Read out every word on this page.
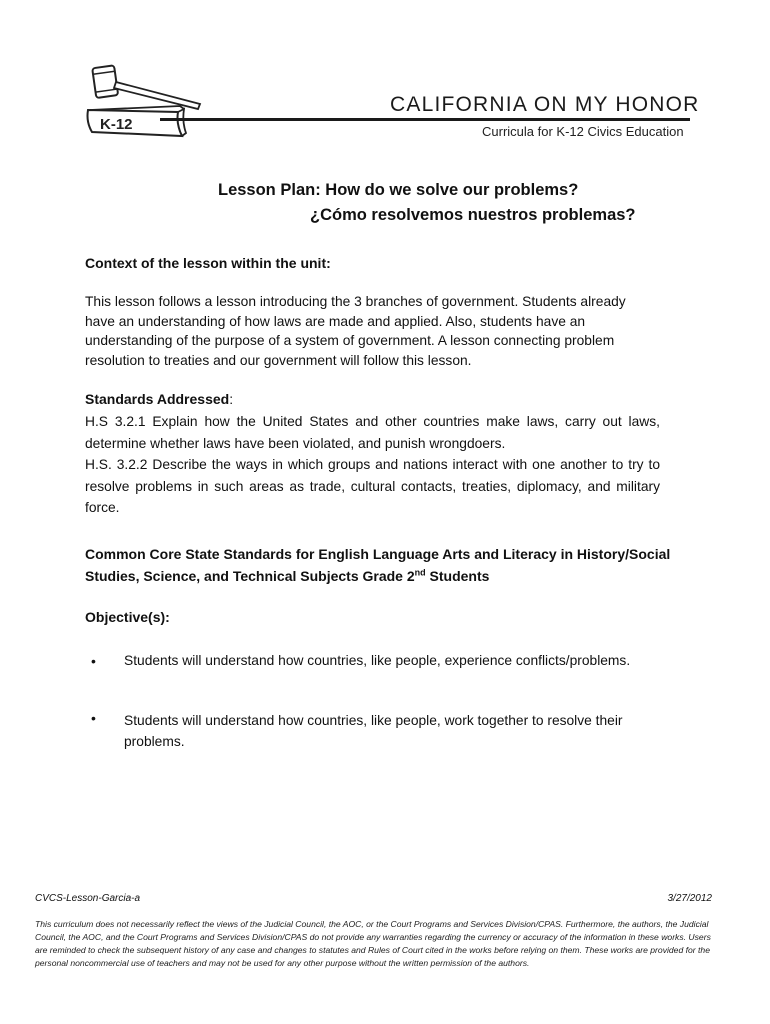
K-12
CALIFORNIA ON MY HONOR
Curricula for K-12 Civics Education
Lesson Plan: How do we solve our problems?
¿Cómo resolvemos nuestros problemas?
Context of the lesson within the unit:
This lesson follows a lesson introducing the 3 branches of government. Students already have an understanding of how laws are made and applied. Also, students have an understanding of the purpose of a system of government. A lesson connecting problem resolution to treaties and our government will follow this lesson.
Standards Addressed:
H.S 3.2.1 Explain how the United States and other countries make laws, carry out laws,
determine whether laws have been violated, and punish wrongdoers.
H.S. 3.2.2 Describe the ways in which groups and nations interact with one another to try to
resolve problems in such areas as trade, cultural contacts, treaties, diplomacy, and military
force.
Common Core State Standards for English Language Arts and Literacy in History/Social Studies, Science, and Technical Subjects Grade 2nd Students
Objective(s):
• Students will understand how countries, like people, experience conflicts/problems.
• Students will understand how countries, like people, work together to resolve their problems.
CVCS-Lesson-Garcia-a	3/27/2012
This curriculum does not necessarily reflect the views of the Judicial Council, the AOC, or the Court Programs and Services Division/CPAS. Furthermore, the authors, the Judicial Council, the AOC, and the Court Programs and Services Division/CPAS do not provide any warranties regarding the currency or accuracy of the information in these works. Users are reminded to check the subsequent history of any case and changes to statutes and Rules of Court cited in the works before relying on them. These works are provided for the personal noncommercial use of teachers and may not be used for any other purpose without the written permission of the authors.
